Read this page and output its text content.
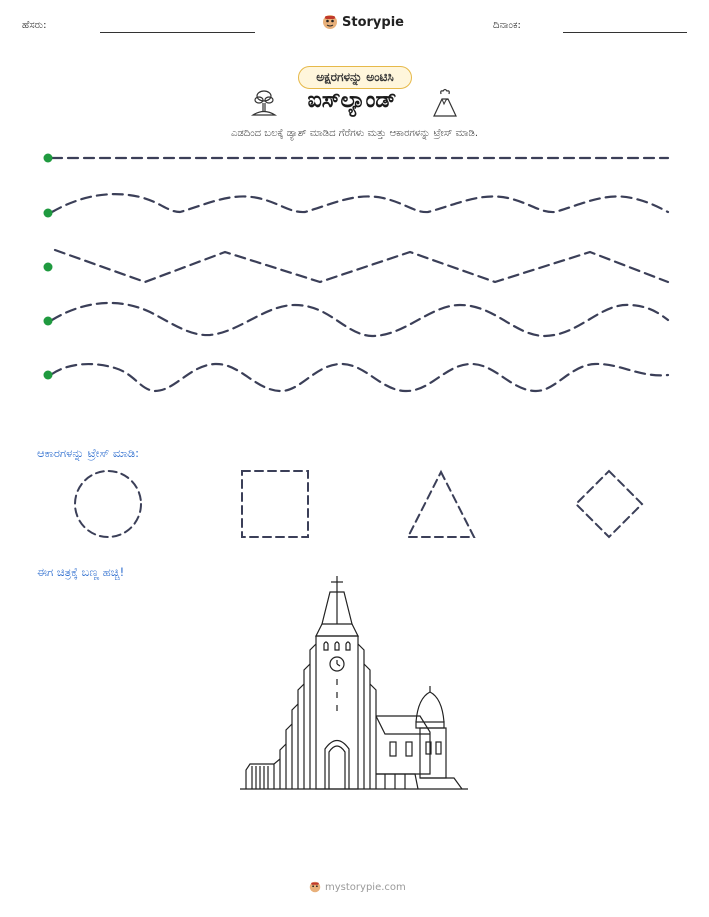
ಹೆಸರು:	Storypie	ದಿನಾಂಕ:
ಅಕ್ಷರಗಳನ್ನು ಅಂಟಿಸಿ
ಐಸ್‌ಲ್ಯಾಂಡ್
ಎಡದಿಂದ ಬಲಕ್ಕೆ ಡ್ಯಾಶ್ ಮಾಡಿದ ಗೆರೆಗಳು ಮತ್ತು ಆಕಾರಗಳನ್ನು ಟ್ರೇಸ್ ಮಾಡಿ.
ಆಕಾರಗಳನ್ನು ಟ್ರೇಸ್ ಮಾಡಿ:
ಈಗ ಚಿತ್ರಕ್ಕೆ ಬಣ್ಣ ಹಚ್ಚಿ!
mystorypie.com
